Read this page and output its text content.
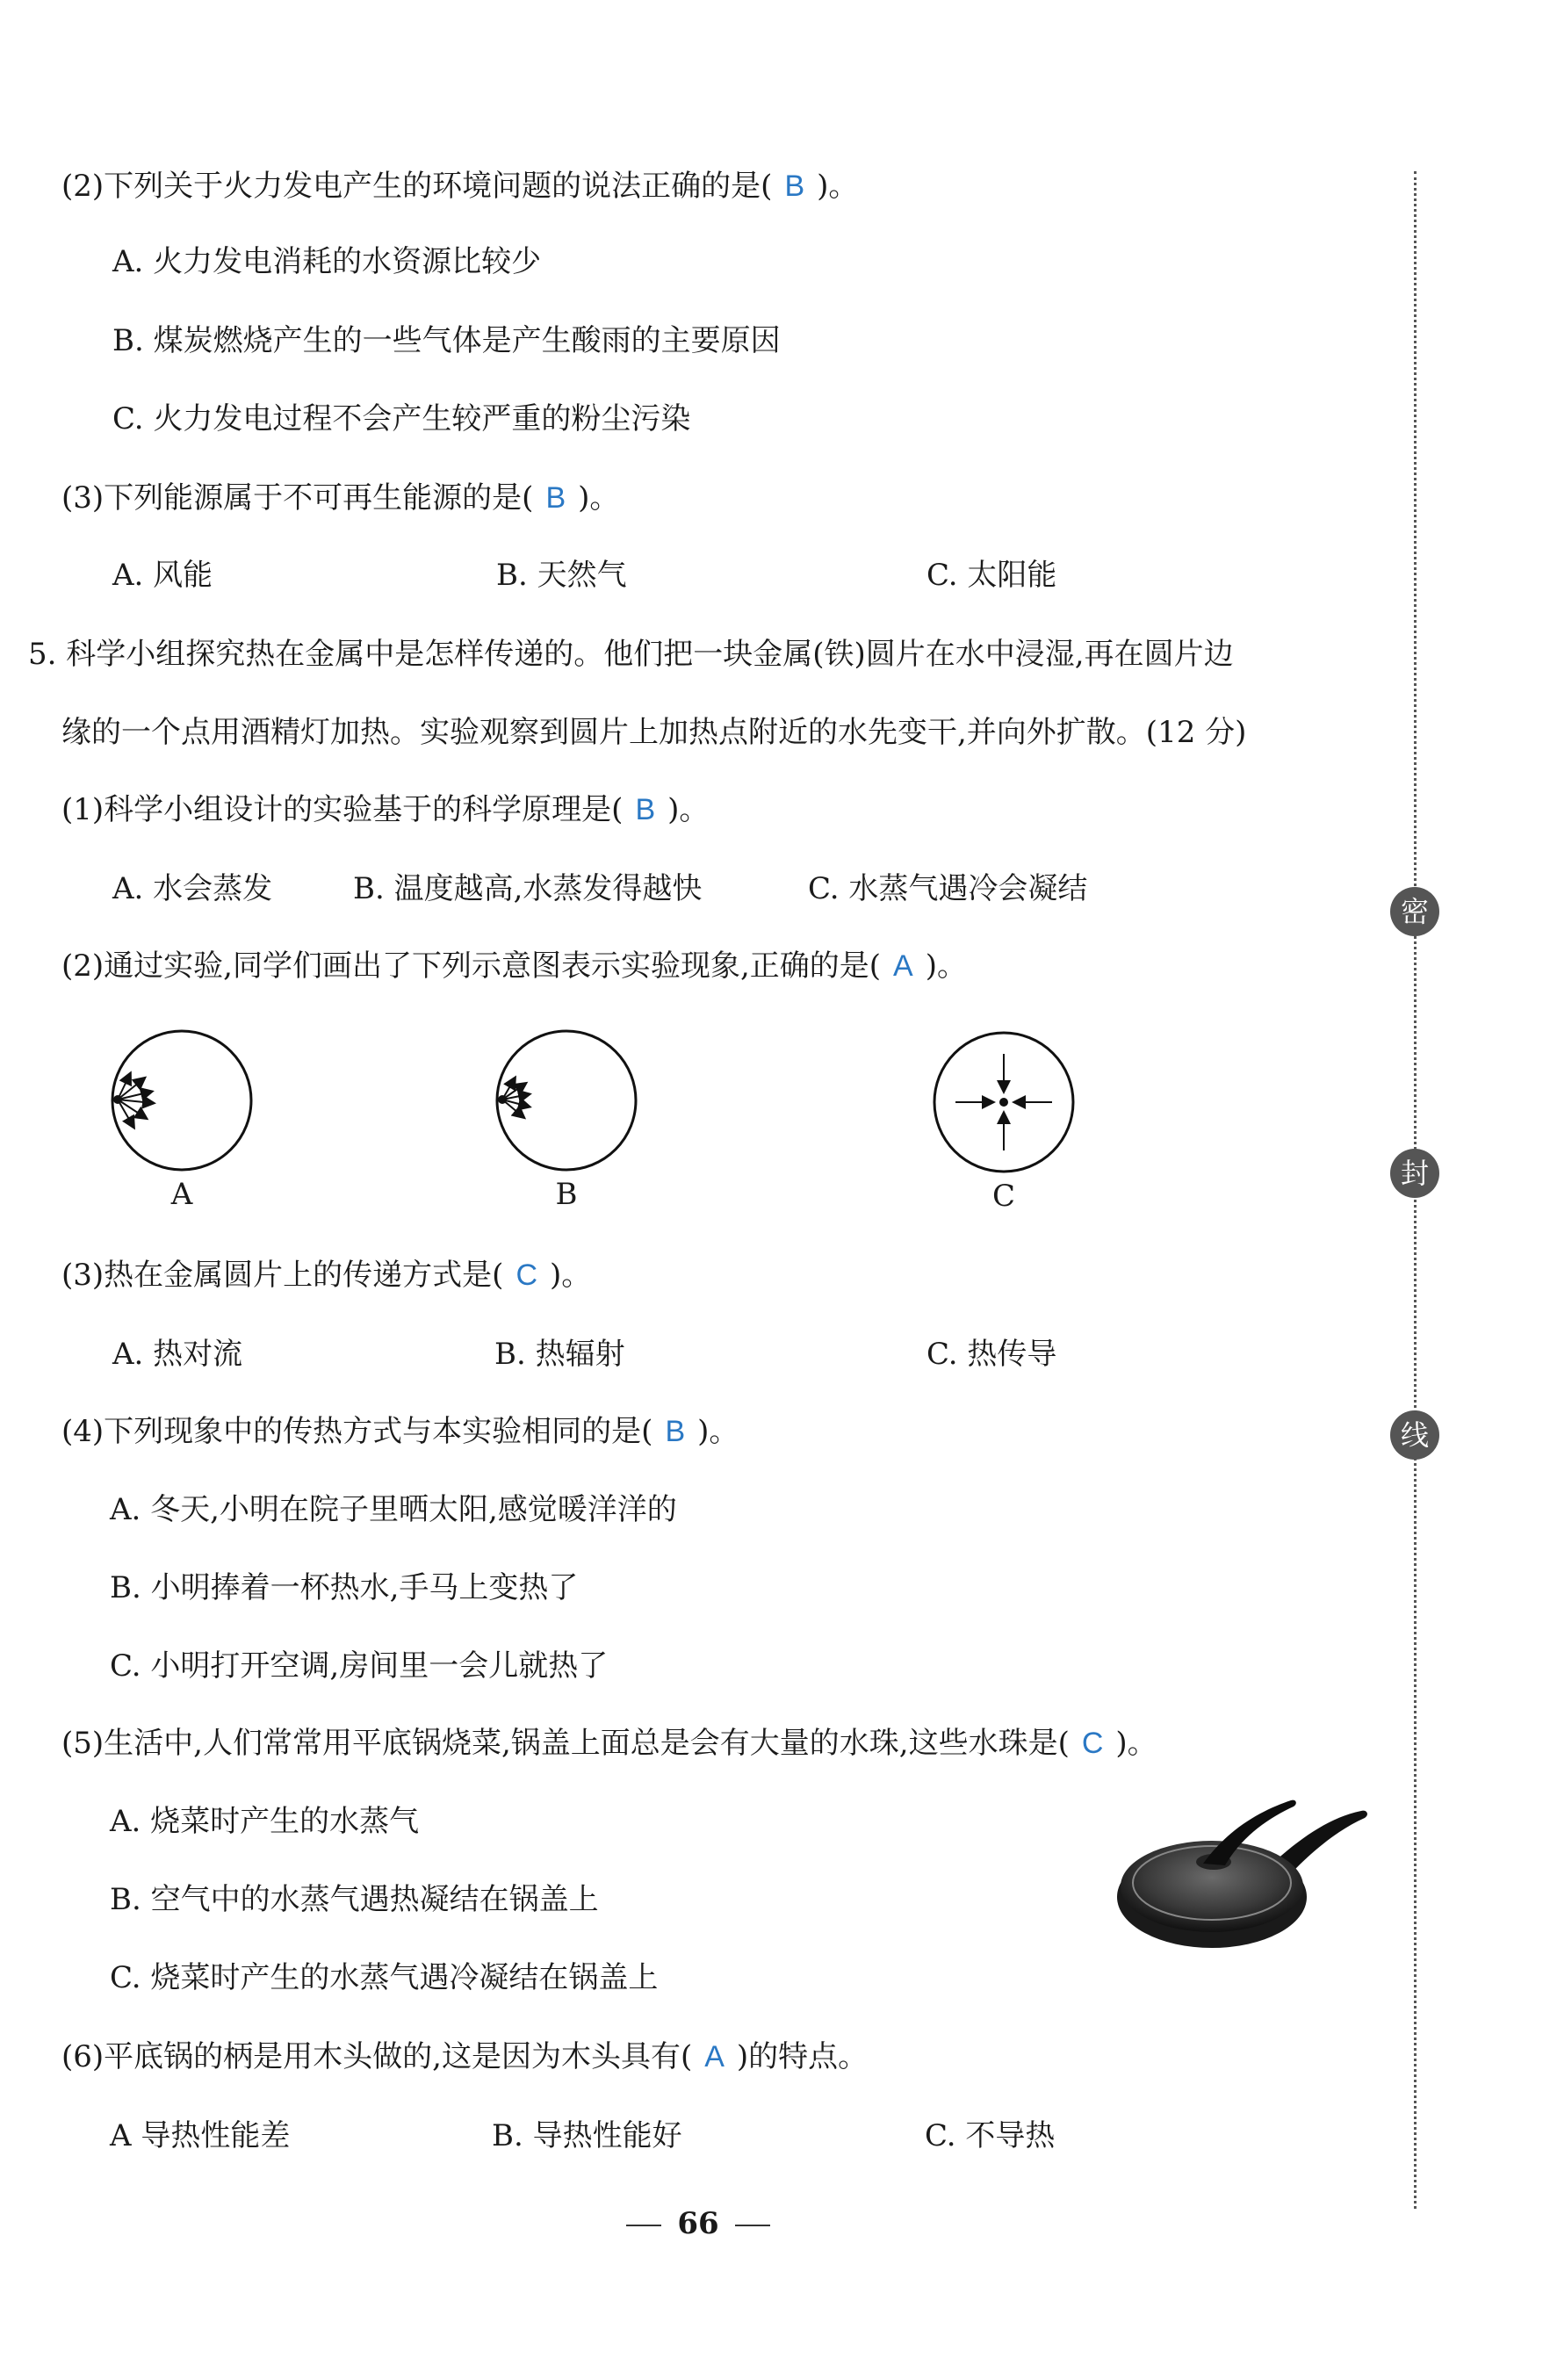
(2)下列关于火力发电产生的环境问题的说法正确的是( B )。
A. 火力发电消耗的水资源比较少
B. 煤炭燃烧产生的一些气体是产生酸雨的主要原因
C. 火力发电过程不会产生较严重的粉尘污染
(3)下列能源属于不可再生能源的是( B )。
A. 风能	B. 天然气	C. 太阳能
5. 科学小组探究热在金属中是怎样传递的。他们把一块金属(铁)圆片在水中浸湿,再在圆片边
缘的一个点用酒精灯加热。实验观察到圆片上加热点附近的水先变干,并向外扩散。(12 分)
(1)科学小组设计的实验基于的科学原理是( B )。
A. 水会蒸发	B. 温度越高,水蒸发得越快	C. 水蒸气遇冷会凝结
(2)通过实验,同学们画出了下列示意图表示实验现象,正确的是( A )。
A	B	C
(3)热在金属圆片上的传递方式是( C )。
A. 热对流	B. 热辐射	C. 热传导
(4)下列现象中的传热方式与本实验相同的是( B )。
A. 冬天,小明在院子里晒太阳,感觉暖洋洋的
B. 小明捧着一杯热水,手马上变热了
C. 小明打开空调,房间里一会儿就热了
(5)生活中,人们常常用平底锅烧菜,锅盖上面总是会有大量的水珠,这些水珠是( C )。
A. 烧菜时产生的水蒸气
B. 空气中的水蒸气遇热凝结在锅盖上
C. 烧菜时产生的水蒸气遇冷凝结在锅盖上
(6)平底锅的柄是用木头做的,这是因为木头具有( A )的特点。
A 导热性能差	B. 导热性能好	C. 不导热
密
封
线
66
